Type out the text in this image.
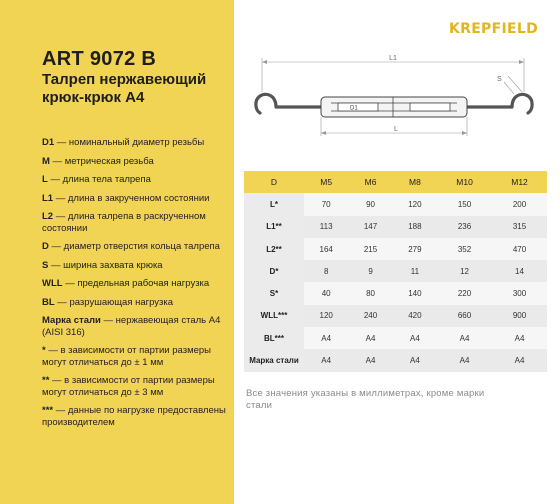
ART 9072 B
Талреп нержавеющий крюк-крюк А4
D1 — номинальный диаметр резьбы
M — метрическая резьба
L — длина тела талрепа
L1 — длина в закрученном состоянии
L2 — длина талрепа в раскрученном состоянии
D — диаметр отверстия кольца талрепа
S — ширина захвата крюка
WLL — предельная рабочая нагрузка
BL — разрушающая нагрузка
Марка стали — нержавеющая сталь А4 (AISI 316)
* — в зависимости от партии размеры могут отличаться до ± 1 мм
** — в зависимости от партии размеры могут отличаться до ± 3 мм
*** — данные по нагрузке предоставлены производителем
KREPFIELD
L1
D1
L
S
D	M5	M6	M8	M10	M12
L*	70	90	120	150	200
L1**	113	147	188	236	315
L2**	164	215	279	352	470
D*	8	9	11	12	14
S*	40	80	140	220	300
WLL***	120	240	420	660	900
BL***	A4	A4	A4	A4	A4
Марка стали	A4	A4	A4	A4	A4
Все значения указаны в миллиметрах, кроме марки стали
